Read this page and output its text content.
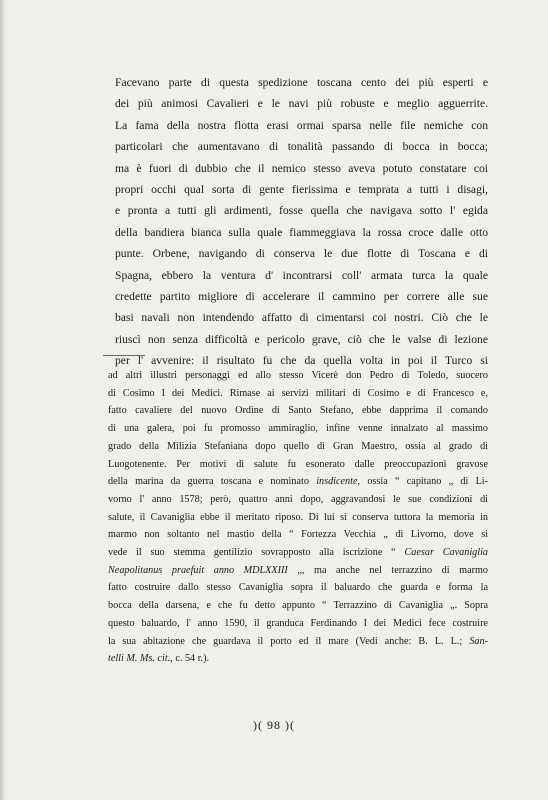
Facevano parte di questa spedizione toscana cento dei più esperti e
dei più animosi Cavalieri e le navi più robuste e meglio agguerrite.
La fama della nostra flotta erasi ormai sparsa nelle file nemiche con
particolari che aumentavano di tonalità passando di bocca in bocca;
ma è fuori di dubbio che il nemico stesso aveva potuto constatare coi
propri occhi qual sorta di gente fierissima e temprata a tutti i disagi,
e pronta a tutti gli ardimenti, fosse quella che navigava sotto l' egida
della bandiera bianca sulla quale fiammeggiava la rossa croce dalle otto
punte. Orbene, navigando di conserva le due flotte di Toscana e di
Spagna, ebbero la ventura d' incontrarsi coll' armata turca la quale
credette partito migliore di accelerare il cammino per correre alle sue
basi navali non intendendo affatto di cimentarsi coi nostri. Ciò che le
riuscì non senza difficoltà e pericolo grave, ciò che le valse di lezione
per l' avvenire: il risultato fu che da quella volta in poi il Turco si
ad altri illustri personaggi ed allo stesso Vicerè don Pedro di Toledo, suocero
di Cosimo I dei Medici. Rimase ai servizi militari di Cosimo e di Francesco e,
fatto cavaliere del nuovo Ordine di Santo Stefano, ebbe dapprima il comando
di una galera, poi fu promosso ammiraglio, infine venne innalzato al massimo
grado della Milizia Stefaniana dopo quello di Gran Maestro, ossia al grado di
Luogotenente. Per motivi di salute fu esonerato dalle preoccupazioni gravose
della marina da guerra toscana e nominato insdicente, ossia “ capitano „ di Li-
vorno l' anno 1578; però, quattro anni dopo, aggravandosi le sue condizioni di
salute, il Cavaniglia ebbe il meritato riposo. Di lui si conserva tuttora la memoria in
marmo non soltanto nel mastio della “ Fortezza Vecchia „ di Livorno, dove si
vede il suo stemma gentilizio sovrapposto alla iscrizione “ Caesar Cavaniglia
Neapolitanus praefuit anno MDLXXIII „, ma anche nel terrazzino di marmo
fatto costruire dallo stesso Cavaniglia sopra il baluardo che guarda e forma la
bocca della darsena, e che fu detto appunto “ Terrazzino di Cavaniglia „. Sopra
questo baluardo, l' anno 1590, il granduca Ferdinando I dei Medici fece costruire
la sua abitazione che guardava il porto ed il mare (Vedi anche: B. L. L.; San-
telli M. Ms. cit., c. 54 r.).
)( 98 )(
